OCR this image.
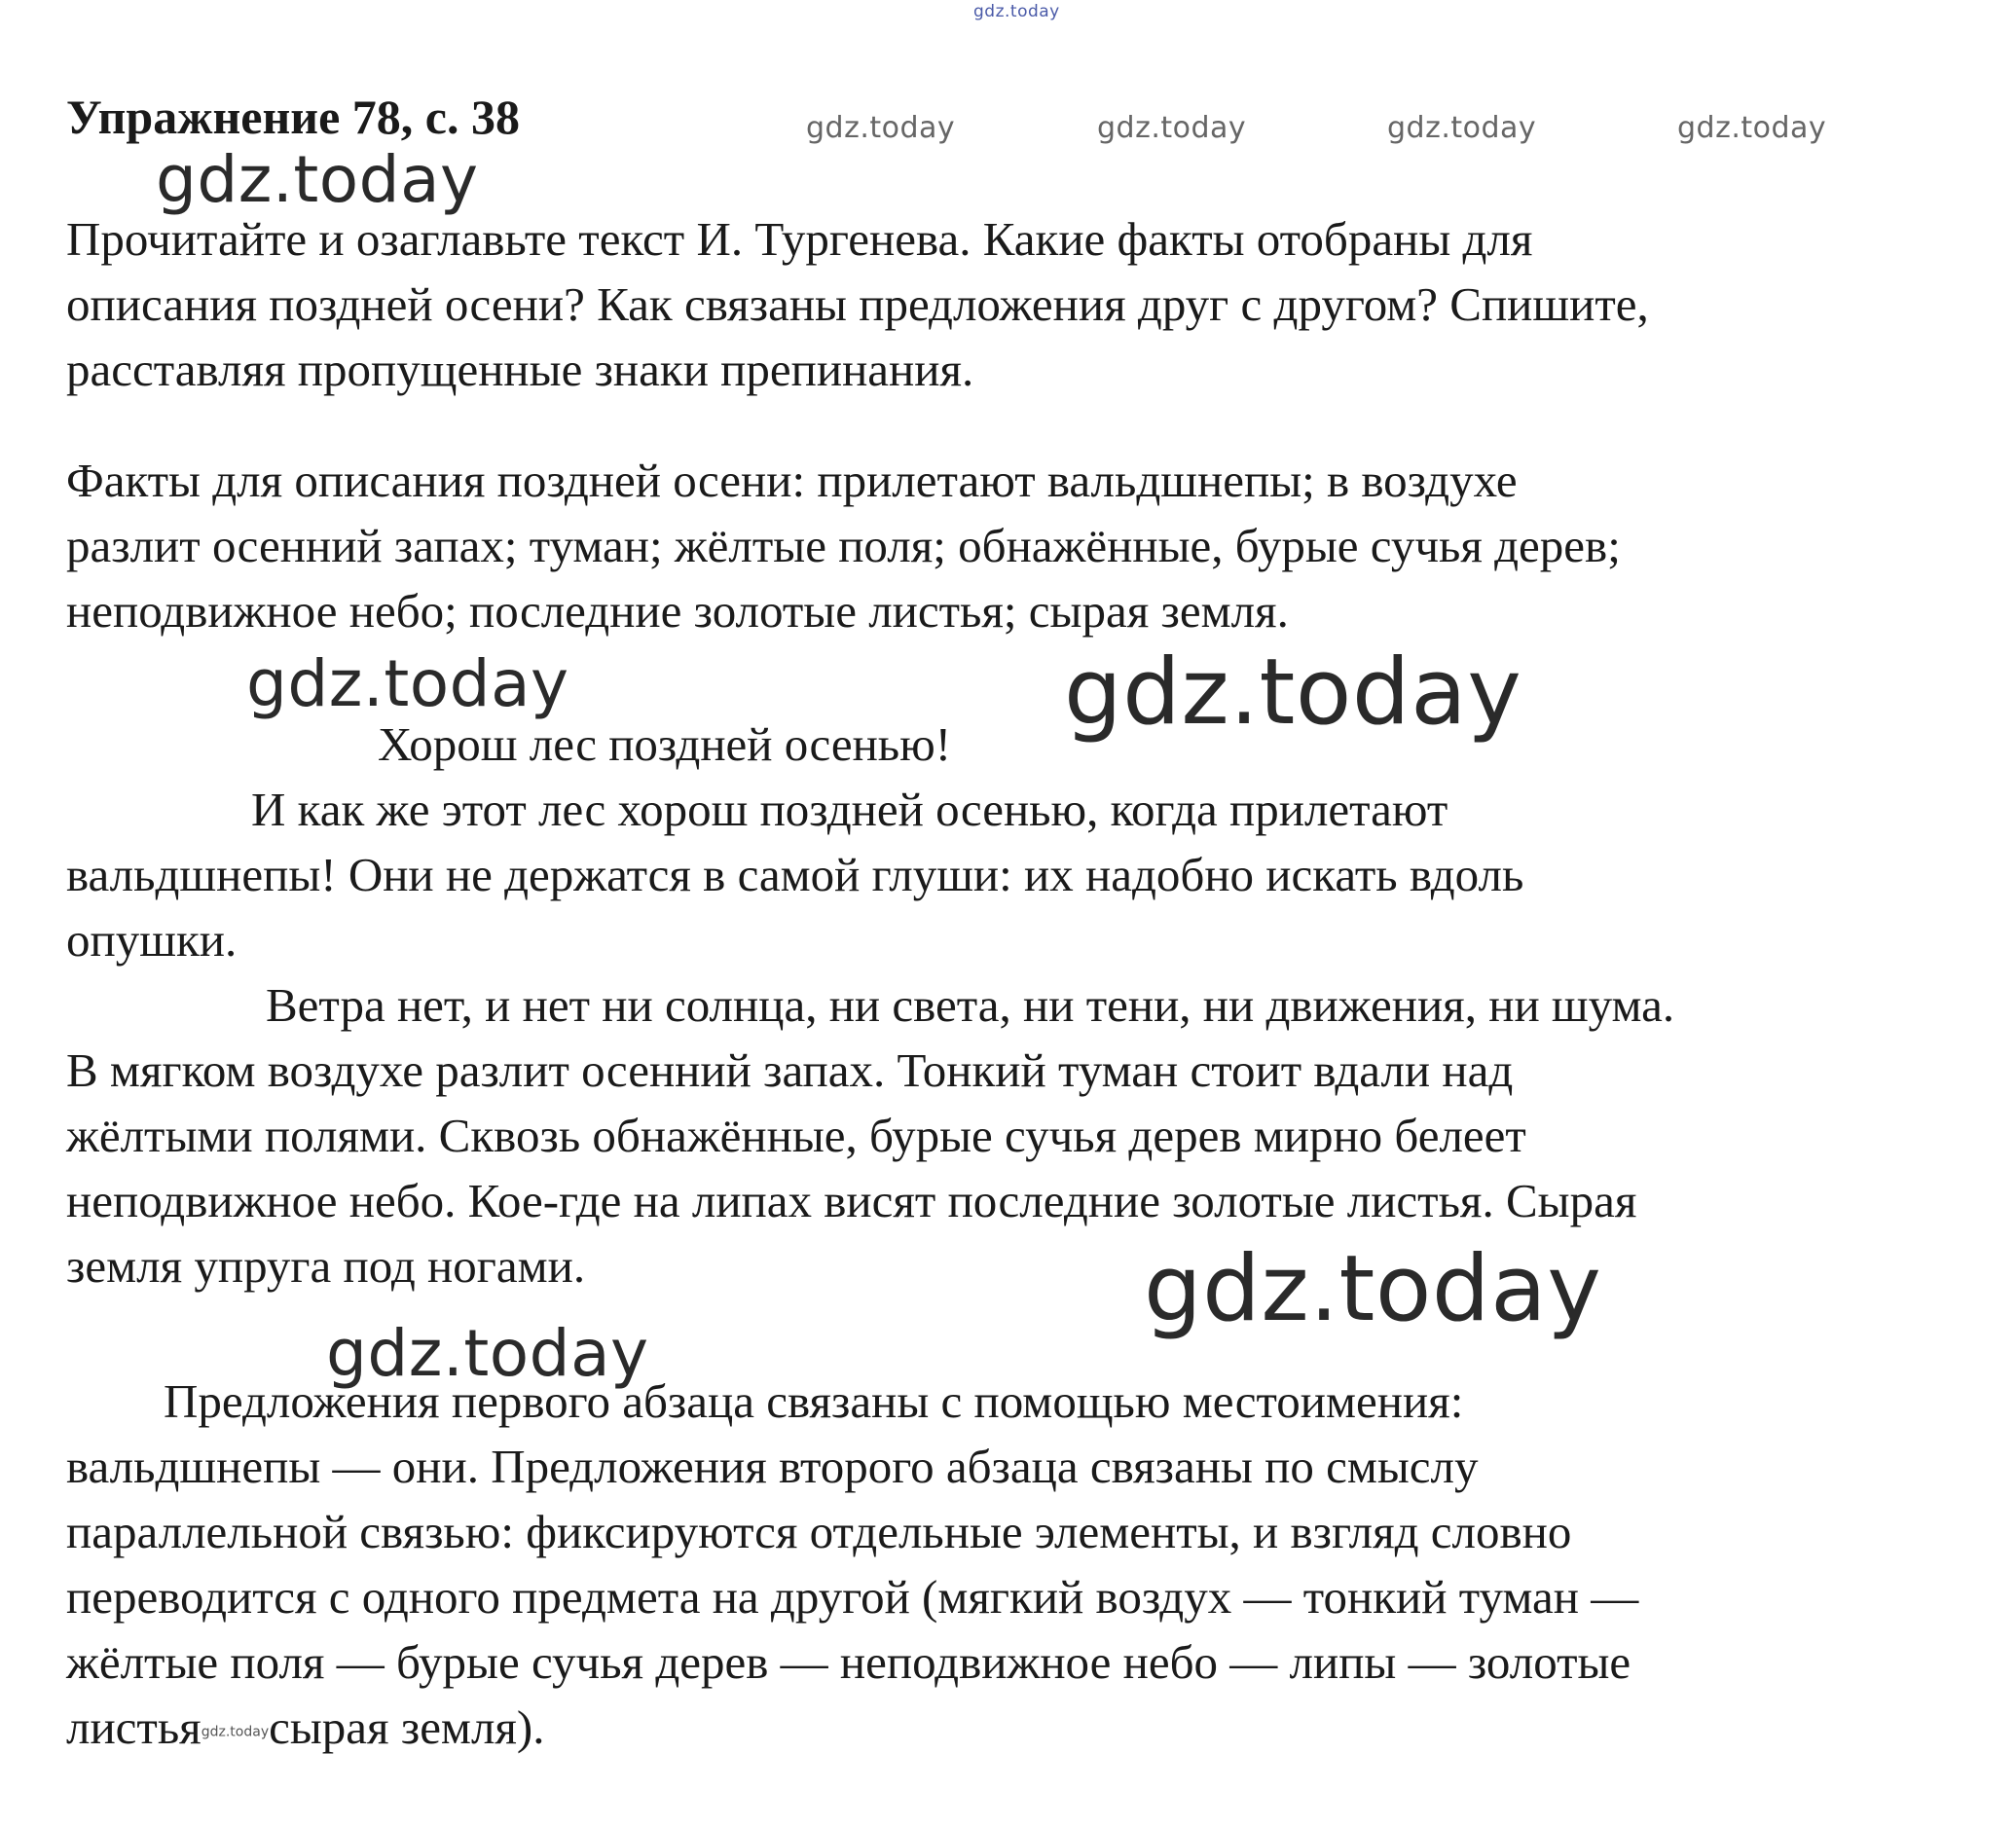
gdz.today
gdz.today	gdz.today	gdz.today	gdz.today
gdz.today
gdz.today	gdz.today
gdz.today
gdz.today
Упражнение 78, с. 38

Прочитайте и озаглавьте текст И. Тургенева. Какие факты отобраны для
описания поздней осени? Как связаны предложения друг с другом? Спишите,
расставляя пропущенные знаки препинания.

Факты для описания поздней осени: прилетают вальдшнепы; в воздухе
разлит осенний запах; туман; жёлтые поля; обнажённые, бурые сучья дерев;
неподвижное небо; последние золотые листья; сырая земля.

Хорош лес поздней осенью!

И как же этот лес хорош поздней осенью, когда прилетают
вальдшнепы! Они не держатся в самой глуши: их надобно искать вдоль
опушки.

Ветра нет, и нет ни солнца, ни света, ни тени, ни движения, ни шума.
В мягком воздухе разлит осенний запах. Тонкий туман стоит вдали над
жёлтыми полями. Сквозь обнажённые, бурые сучья дерев мирно белеет
неподвижное небо. Кое-где на липах висят последние золотые листья. Сырая
земля упруга под ногами.

Предложения первого абзаца связаны с помощью местоимения:
вальдшнепы — они. Предложения второго абзаца связаны по смыслу
параллельной связью: фиксируются отдельные элементы, и взгляд словно
переводится с одного предмета на другой (мягкий воздух — тонкий туман —
жёлтые поля — бурые сучья дерев — неподвижное небо — липы — золотые
листьяgdz.todayсырая земля).
